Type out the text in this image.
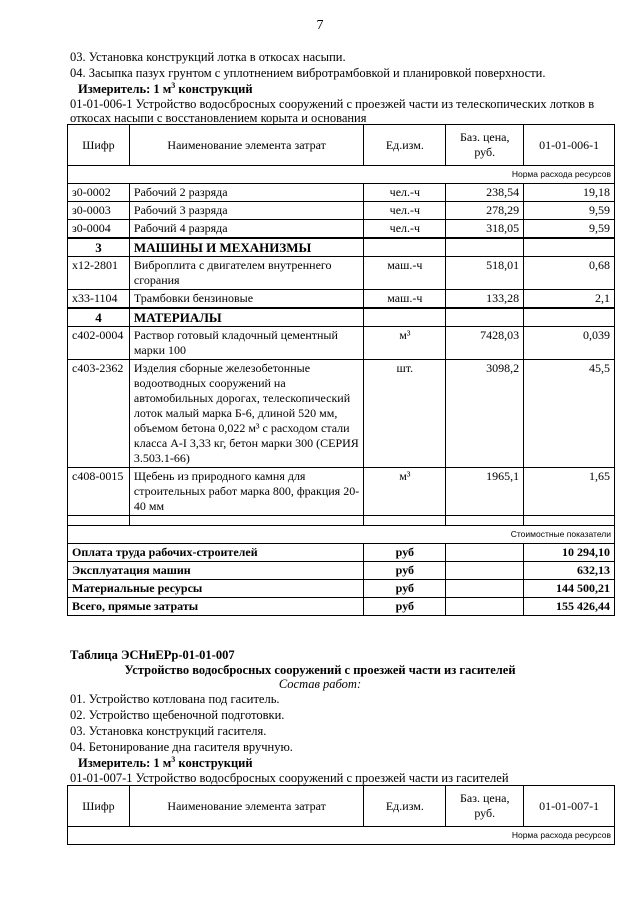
7
03. Установка конструкций лотка в откосах насыпи.
04. Засыпка пазух грунтом с уплотнением вибротрамбовкой и планировкой поверхности.
Измеритель: 1 $м^3$ конструкций
01-01-006-1 Устройство водосбросных сооружений с проезжей части из телескопических лотков в
откосах насыпи с восстановлением корыта и основания
Шифр	Наименование элемента затрат	Ед.изм.	Баз. цена, руб.	01-01-006-1
Норма расхода ресурсов				
з0-0002	Рабочий 2 разряда	чел.-ч	238,54	19,18
з0-0003	Рабочий 3 разряда	чел.-ч	278,29	9,59
з0-0004	Рабочий 4 разряда	чел.-ч	318,05	9,59
3	МАШИНЫ И МЕХАНИЗМЫ			
х12-2801	Виброплита с двигателем внутреннего сгорания	маш.-ч	518,01	0,68
х33-1104	Трамбовки бензиновые	маш.-ч	133,28	2,1
4	МАТЕРИАЛЫ			
с402-0004	Раствор готовый кладочный цементный марки 100	м³	7428,03	0,039
с403-2362	Изделия сборные железобетонные водоотводных сооружений на автомобильных дорогах, телескопический лоток малый марка Б-6, длиной 520 мм, объемом бетона 0,022 м³ с расходом стали класса А-I 3,33 кг, бетон марки 300 (СЕРИЯ 3.503.1-66)	шт.	3098,2	45,5
с408-0015	Щебень из природного камня для строительных работ марка 800, фракция 20-40 мм	м³	1965,1	1,65

Стоимостные показатели				
Оплата труда рабочих-строителей		руб		10 294,10
Эксплуатация машин		руб		632,13
Материальные ресурсы		руб		144 500,21
Всего, прямые затраты		руб		155 426,44
Таблица ЭСНиЕРр-01-01-007
Устройство водосбросных сооружений с проезжей части из гасителей
Состав работ:
01. Устройство котлована под гаситель.
02. Устройство щебеночной подготовки.
03. Установка конструкций гасителя.
04. Бетонирование дна гасителя вручную.
Измеритель: 1 $м^3$ конструкций
01-01-007-1 Устройство водосбросных сооружений с проезжей части из гасителей
Шифр	Наименование элемента затрат	Ед.изм.	Баз. цена, руб.	01-01-007-1
Норма расхода ресурсов
